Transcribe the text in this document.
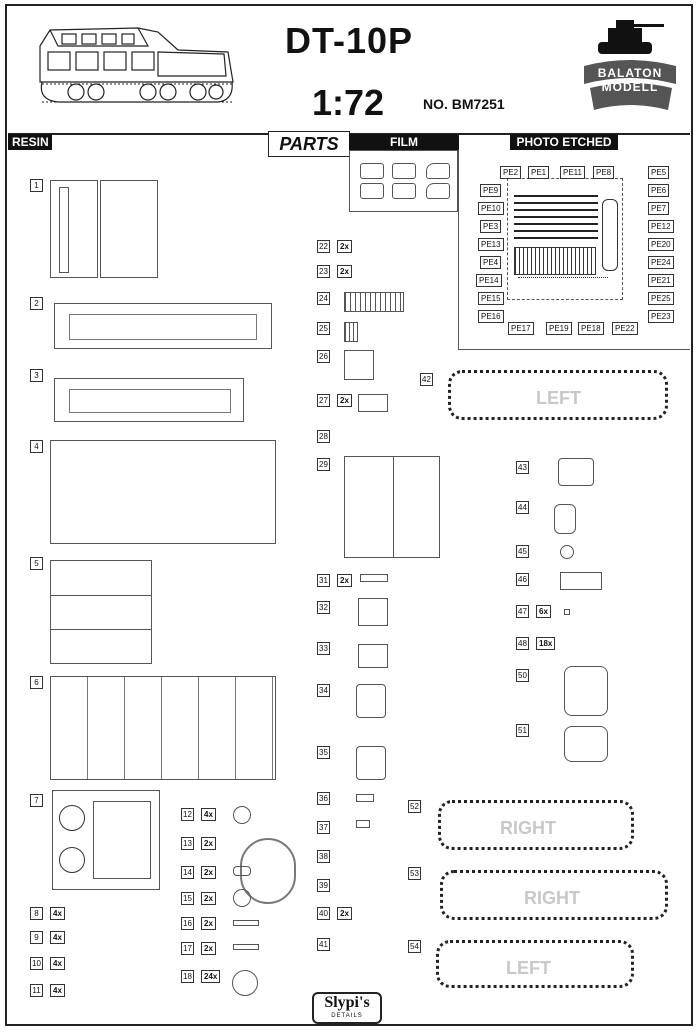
DT-10P
1:72	NO. BM7251
BALATON MODELL
RESIN	PARTS	FILM	PHOTO ETCHED
PE2	PE1	PE11	PE8	PE5
PE9	PE6
PE10	PE7
PE3	PE12
PE13	PE20
PE4	PE24
PE14	PE21
PE15	PE25
PE16	PE23
PE17	PE19	PE18	PE22
LEFT
RIGHT
RIGHT
LEFT
1
2
3
4
5
6
7
8	4x
9	4x
10	4x
11	4x
12	4x
13	2x
14	2x
15	2x
16	2x
17	2x
18	24x
22	2x
23	2x
24
25
26
27	2x
28
29
31	2x
32
33
34
35
36
37
38
39
40	2x
41
42
43
44
45
46
47	6x
48	18x
50
51
52
53
54
Slypi's
DETAILS
